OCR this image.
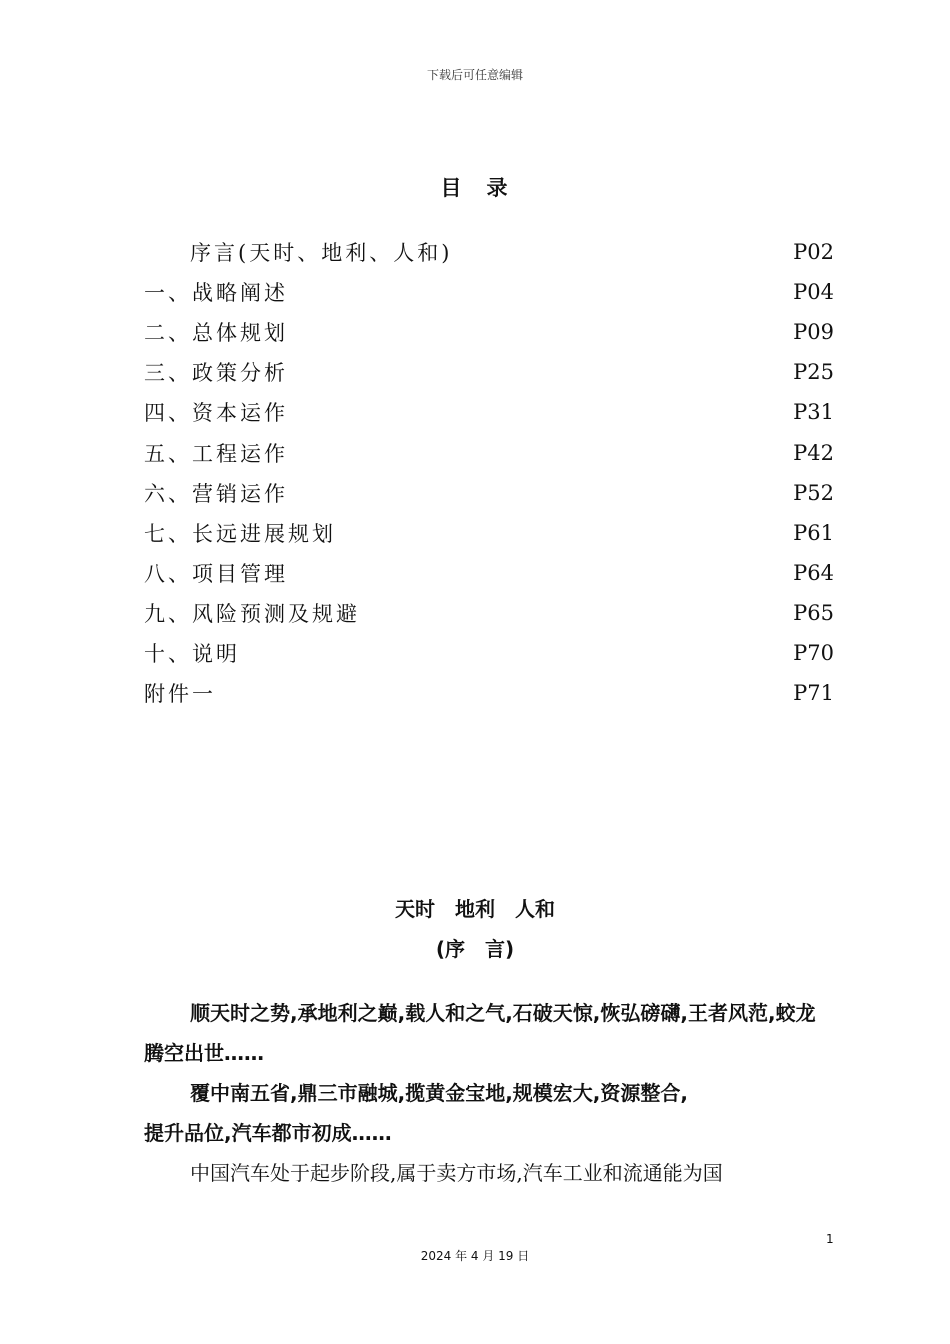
下载后可任意编辑
目　录
序言(天时、地利、人和)	P02
一、战略阐述	P04
二、总体规划	P09
三、政策分析	P25
四、资本运作	P31
五、工程运作	P42
六、营销运作	P52
七、长远进展规划	P61
八、项目管理	P64
九、风险预测及规避	P65
十、说明	P70
附件一	P71
天时　地利　人和
(序　言)

顺天时之势,承地利之巅,载人和之气,石破天惊,恢弘磅礴,王者风范,蛟龙腾空出世……

覆中南五省,鼎三市融城,揽黄金宝地,规模宏大,资源整合,

提升品位,汽车都市初成……

中国汽车处于起步阶段,属于卖方市场,汽车工业和流通能为国

1
2024 年 4 月 19 日
